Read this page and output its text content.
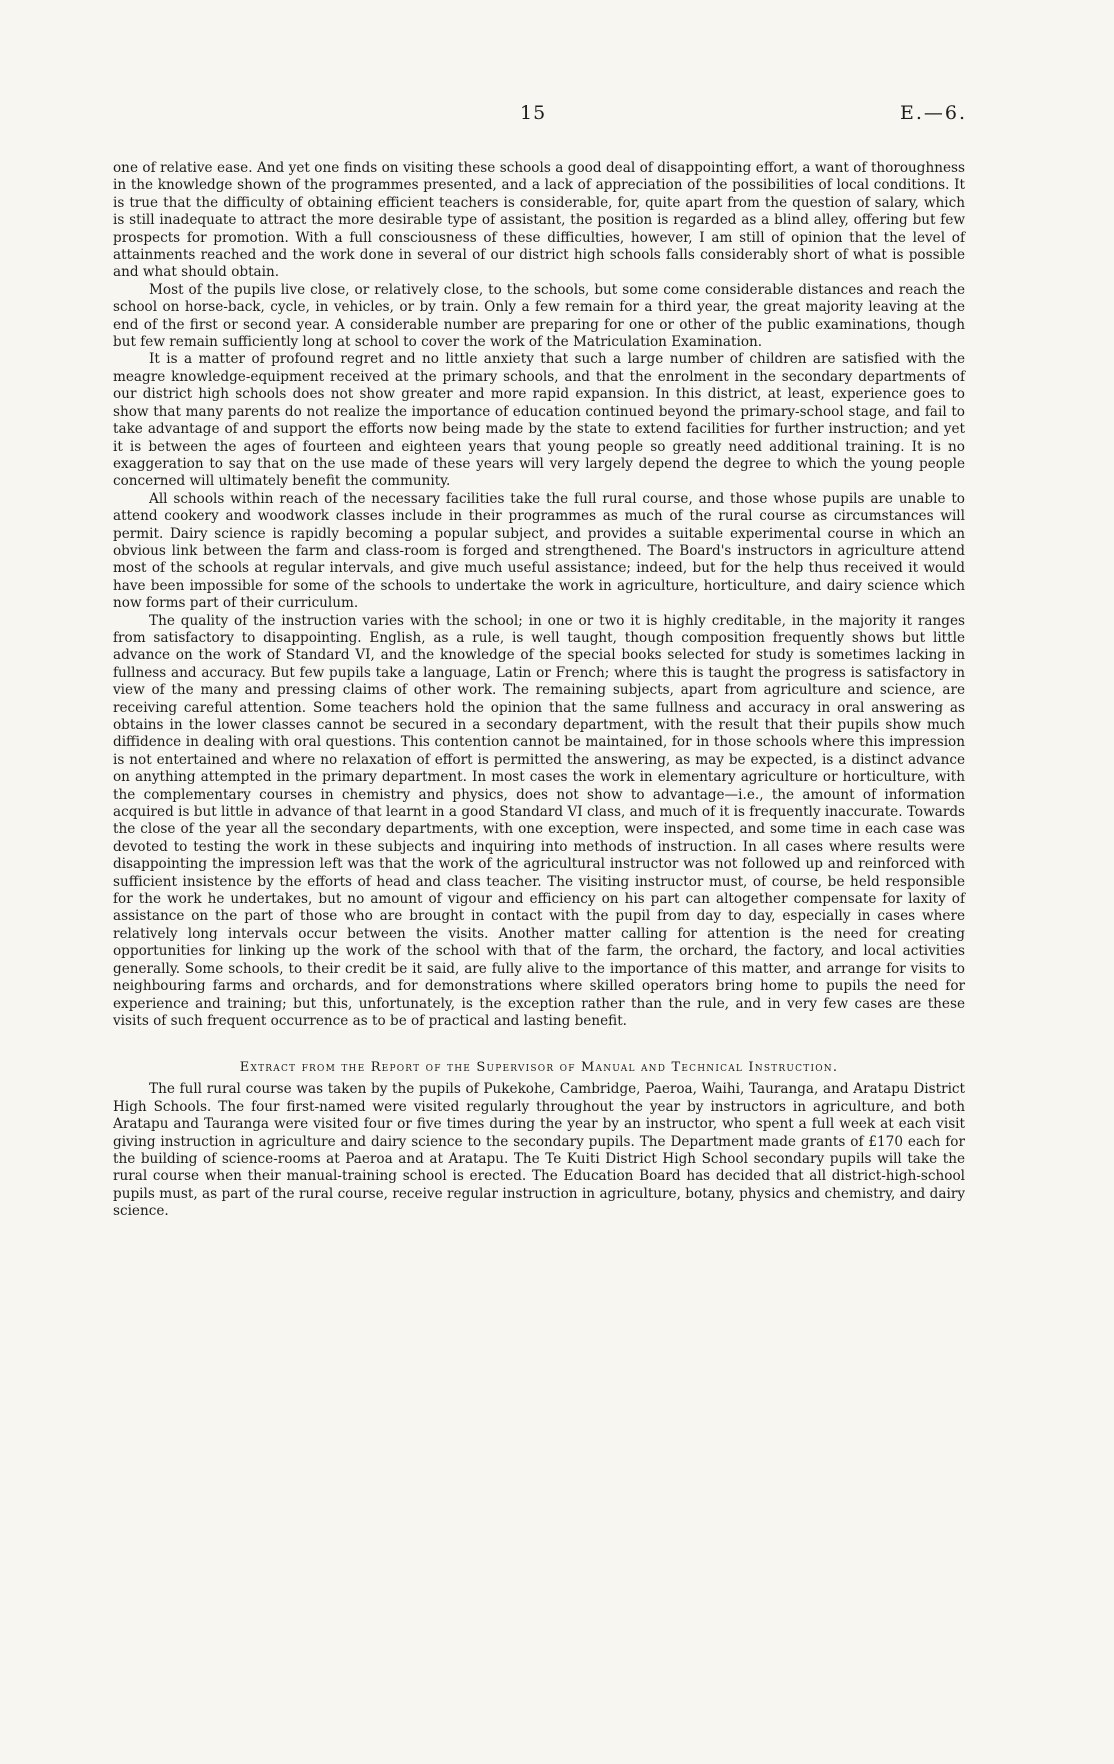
15	E.—6.

one of relative ease. And yet one finds on visiting these schools a good deal of disappointing effort, a want of thoroughness in the knowledge shown of the programmes presented, and a lack of appreciation of the possibilities of local conditions. It is true that the difficulty of obtaining efficient teachers is considerable, for, quite apart from the question of salary, which is still inadequate to attract the more desirable type of assistant, the position is regarded as a blind alley, offering but few prospects for promotion. With a full consciousness of these difficulties, however, I am still of opinion that the level of attainments reached and the work done in several of our district high schools falls considerably short of what is possible and what should obtain.

Most of the pupils live close, or relatively close, to the schools, but some come considerable distances and reach the school on horse-back, cycle, in vehicles, or by train. Only a few remain for a third year, the great majority leaving at the end of the first or second year. A considerable number are preparing for one or other of the public examinations, though but few remain sufficiently long at school to cover the work of the Matriculation Examination.

It is a matter of profound regret and no little anxiety that such a large number of children are satisfied with the meagre knowledge-equipment received at the primary schools, and that the enrolment in the secondary departments of our district high schools does not show greater and more rapid expansion. In this district, at least, experience goes to show that many parents do not realize the importance of education continued beyond the primary-school stage, and fail to take advantage of and support the efforts now being made by the state to extend facilities for further instruction; and yet it is between the ages of fourteen and eighteen years that young people so greatly need additional training. It is no exaggeration to say that on the use made of these years will very largely depend the degree to which the young people concerned will ultimately benefit the community.

All schools within reach of the necessary facilities take the full rural course, and those whose pupils are unable to attend cookery and woodwork classes include in their programmes as much of the rural course as circumstances will permit. Dairy science is rapidly becoming a popular subject, and provides a suitable experimental course in which an obvious link between the farm and class-room is forged and strengthened. The Board's instructors in agriculture attend most of the schools at regular intervals, and give much useful assistance; indeed, but for the help thus received it would have been impossible for some of the schools to undertake the work in agriculture, horticulture, and dairy science which now forms part of their curriculum.

The quality of the instruction varies with the school; in one or two it is highly creditable, in the majority it ranges from satisfactory to disappointing. English, as a rule, is well taught, though composition frequently shows but little advance on the work of Standard VI, and the knowledge of the special books selected for study is sometimes lacking in fullness and accuracy. But few pupils take a language, Latin or French; where this is taught the progress is satisfactory in view of the many and pressing claims of other work. The remaining subjects, apart from agriculture and science, are receiving careful attention. Some teachers hold the opinion that the same fullness and accuracy in oral answering as obtains in the lower classes cannot be secured in a secondary department, with the result that their pupils show much diffidence in dealing with oral questions. This contention cannot be maintained, for in those schools where this impression is not entertained and where no relaxation of effort is permitted the answering, as may be expected, is a distinct advance on anything attempted in the primary department. In most cases the work in elementary agriculture or horticulture, with the complementary courses in chemistry and physics, does not show to advantage—i.e., the amount of information acquired is but little in advance of that learnt in a good Standard VI class, and much of it is frequently inaccurate. Towards the close of the year all the secondary departments, with one exception, were inspected, and some time in each case was devoted to testing the work in these subjects and inquiring into methods of instruction. In all cases where results were disappointing the impression left was that the work of the agricultural instructor was not followed up and reinforced with sufficient insistence by the efforts of head and class teacher. The visiting instructor must, of course, be held responsible for the work he undertakes, but no amount of vigour and efficiency on his part can altogether compensate for laxity of assistance on the part of those who are brought in contact with the pupil from day to day, especially in cases where relatively long intervals occur between the visits. Another matter calling for attention is the need for creating opportunities for linking up the work of the school with that of the farm, the orchard, the factory, and local activities generally. Some schools, to their credit be it said, are fully alive to the importance of this matter, and arrange for visits to neighbouring farms and orchards, and for demonstrations where skilled operators bring home to pupils the need for experience and training; but this, unfortunately, is the exception rather than the rule, and in very few cases are these visits of such frequent occurrence as to be of practical and lasting benefit.

Extract from the Report of the Supervisor of Manual and Technical Instruction.

The full rural course was taken by the pupils of Pukekohe, Cambridge, Paeroa, Waihi, Tauranga, and Aratapu District High Schools. The four first-named were visited regularly throughout the year by instructors in agriculture, and both Aratapu and Tauranga were visited four or five times during the year by an instructor, who spent a full week at each visit giving instruction in agriculture and dairy science to the secondary pupils. The Department made grants of £170 each for the building of science-rooms at Paeroa and at Aratapu. The Te Kuiti District High School secondary pupils will take the rural course when their manual-training school is erected. The Education Board has decided that all district-high-school pupils must, as part of the rural course, receive regular instruction in agriculture, botany, physics and chemistry, and dairy science.
